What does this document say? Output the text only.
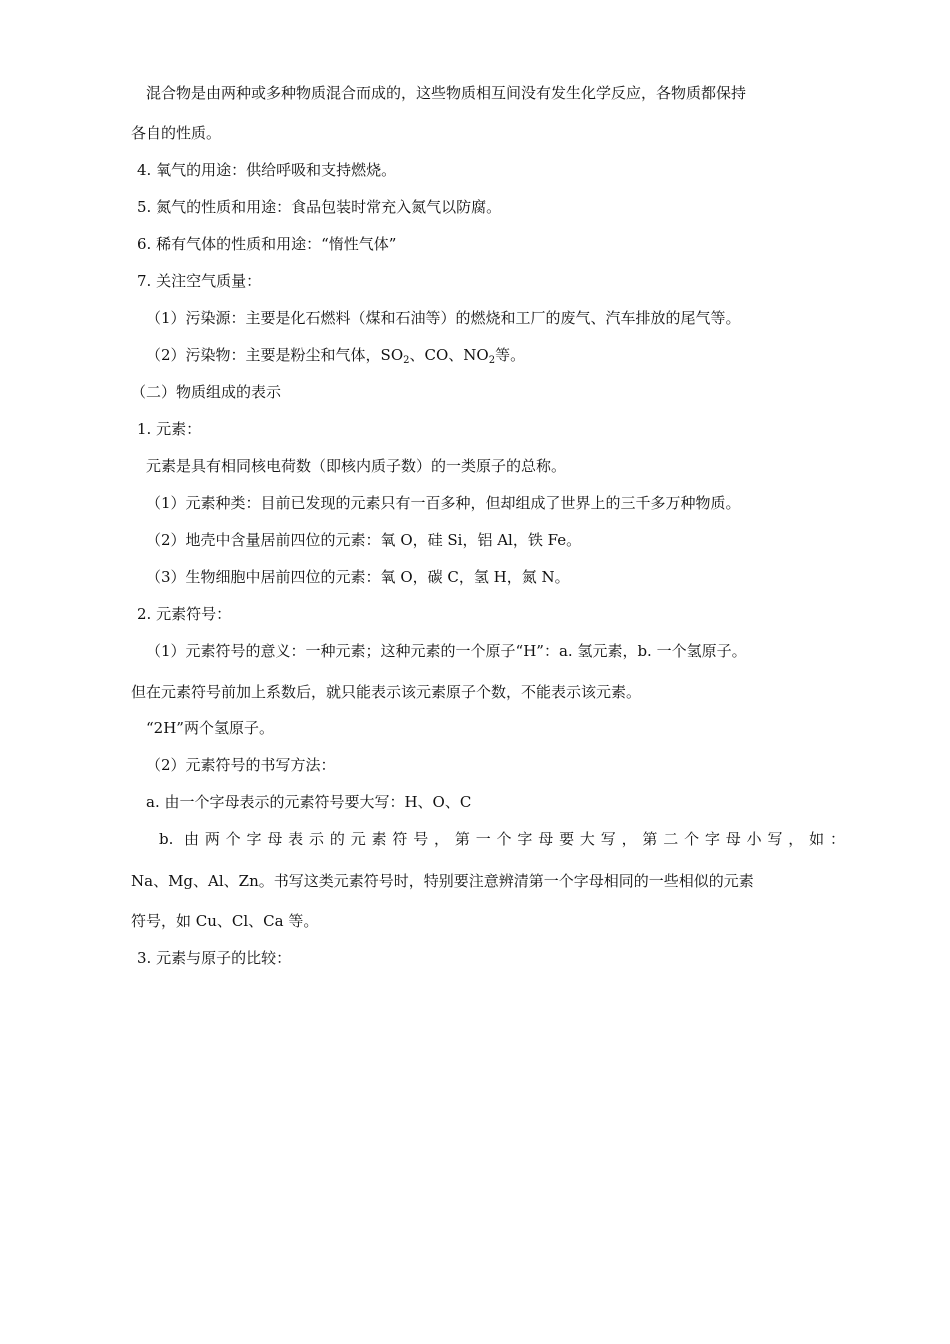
混合物是由两种或多种物质混合而成的，这些物质相互间没有发生化学反应，各物质都保持

各自的性质。

4. 氧气的用途：供给呼吸和支持燃烧。

5. 氮气的性质和用途：食品包装时常充入氮气以防腐。

6. 稀有气体的性质和用途：“惰性气体”

7. 关注空气质量：

（1）污染源：主要是化石燃料（煤和石油等）的燃烧和工厂的废气、汽车排放的尾气等。

（2）污染物：主要是粉尘和气体，$SO_2$、CO、$NO_2$等。

（二）物质组成的表示

1. 元素：

元素是具有相同核电荷数（即核内质子数）的一类原子的总称。

（1）元素种类：目前已发现的元素只有一百多种，但却组成了世界上的三千多万种物质。

（2）地壳中含量居前四位的元素：氧 O，硅 Si，铝 Al，铁 Fe。

（3）生物细胞中居前四位的元素：氧 O，碳 C，氢 H，氮 N。

2. 元素符号：

（1）元素符号的意义：一种元素；这种元素的一个原子“H”：a. 氢元素，b. 一个氢原子。

但在元素符号前加上系数后，就只能表示该元素原子个数，不能表示该元素。

“2H”两个氢原子。

（2）元素符号的书写方法：

a. 由一个字母表示的元素符号要大写：H、O、C

b. 由两个字母表示的元素符号，第一个字母要大写，第二个字母小写，如：

Na、Mg、Al、Zn。书写这类元素符号时，特别要注意辨清第一个字母相同的一些相似的元素

符号，如 Cu、Cl、Ca 等。

3. 元素与原子的比较：
